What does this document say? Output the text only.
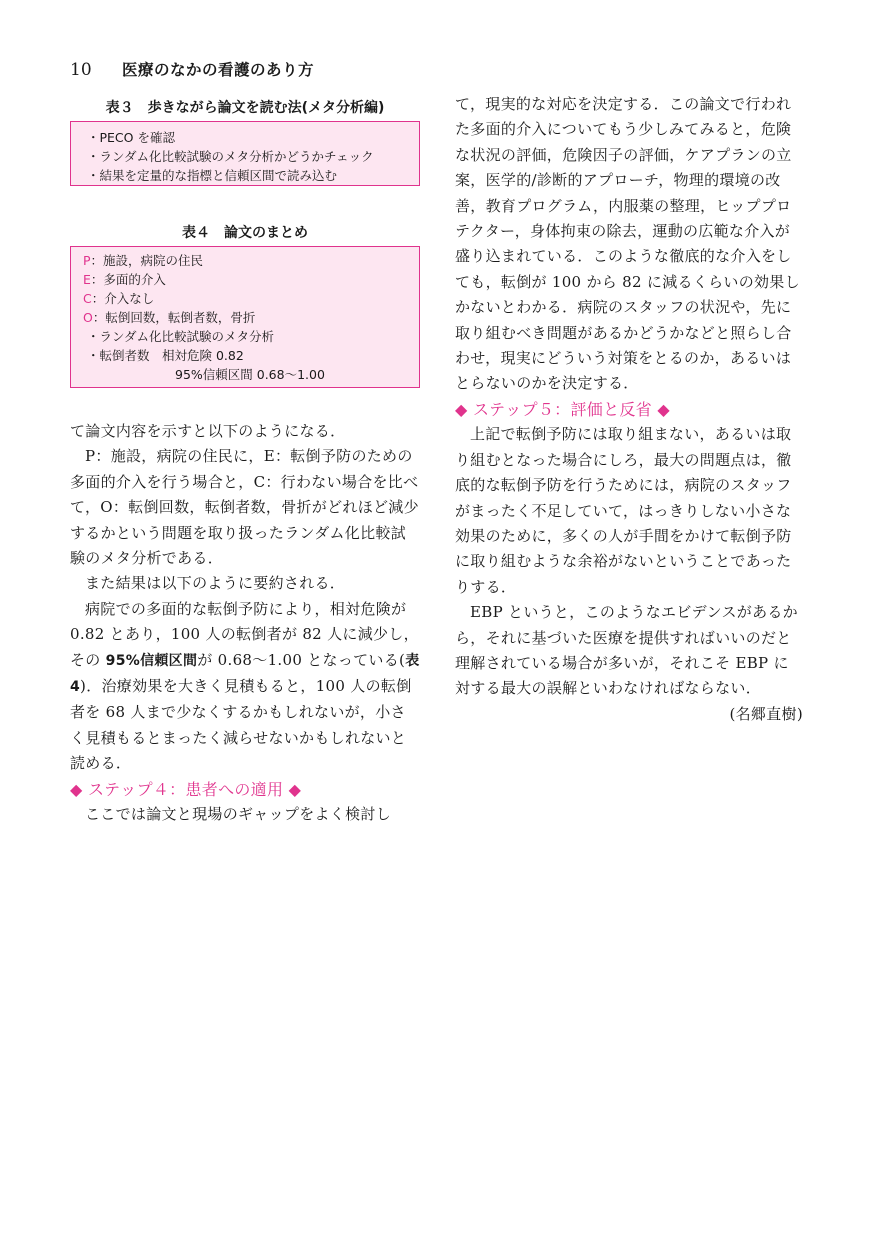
10	医療のなかの看護のあり方
表３　歩きながら論文を読む法(メタ分析編)
・PECO を確認
・ランダム化比較試験のメタ分析かどうかチェック
・結果を定量的な指標と信頼区間で読み込む
表４　論文のまとめ
P：施設，病院の住民
E：多面的介入
C：介入なし
O：転倒回数，転倒者数，骨折
・ランダム化比較試験のメタ分析
・転倒者数　相対危険 0.82
95%信頼区間 0.68〜1.00

て論文内容を示すと以下のようになる．

P：施設，病院の住民に，E：転倒予防のための多面的介入を行う場合と，C：行わない場合を比べて，O：転倒回数，転倒者数，骨折がどれほど減少するかという問題を取り扱ったランダム化比較試験のメタ分析である．

また結果は以下のように要約される．

病院での多面的な転倒予防により，相対危険が 0.82 とあり，100 人の転倒者が 82 人に減少し，その 95%信頼区間が 0.68〜1.00 となっている(表 4)．治療効果を大きく見積もると，100 人の転倒者を 68 人まで少なくするかもしれないが，小さく見積もるとまったく減らせないかもしれないと読める．

◆ ステップ４：患者への適用 ◆

ここでは論文と現場のギャップをよく検討し

て，現実的な対応を決定する．この論文で行われた多面的介入についてもう少しみてみると，危険な状況の評価，危険因子の評価，ケアプランの立案，医学的/診断的アプローチ，物理的環境の改善，教育プログラム，内服薬の整理，ヒッププロテクター，身体拘束の除去，運動の広範な介入が盛り込まれている．このような徹底的な介入をしても，転倒が 100 から 82 に減るくらいの効果しかないとわかる．病院のスタッフの状況や，先に取り組むべき問題があるかどうかなどと照らし合わせ，現実にどういう対策をとるのか，あるいはとらないのかを決定する．

◆ ステップ５：評価と反省 ◆

上記で転倒予防には取り組まない，あるいは取り組むとなった場合にしろ，最大の問題点は，徹底的な転倒予防を行うためには，病院のスタッフがまったく不足していて，はっきりしない小さな効果のために，多くの人が手間をかけて転倒予防に取り組むような余裕がないということであったりする．

EBP というと，このようなエビデンスがあるから，それに基づいた医療を提供すればいいのだと理解されている場合が多いが，それこそ EBP に対する最大の誤解といわなければならない．
(名郷直樹)
